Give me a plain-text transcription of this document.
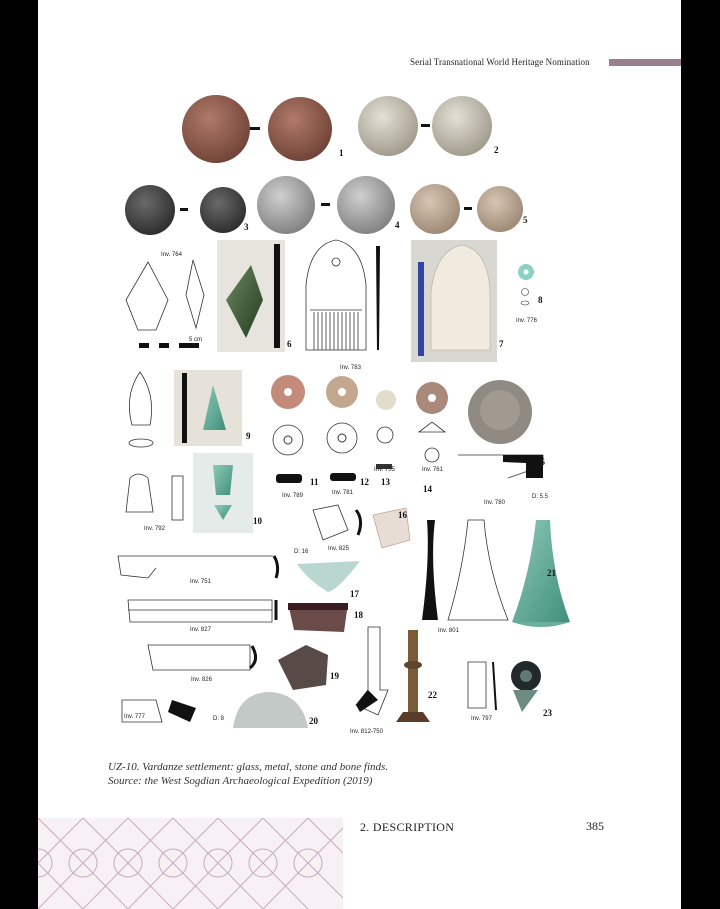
Serial Transnational World Heritage Nomination
1	2
3	4	5
6	7
8
9
10
11	12 13
14
15
16
17
18
19
20
21
22
23
Inv. 764
5 cm
Inv. 783
Inv. 776
Inv. 792
Inv. 789	Inv. 781
Inv. 755	Inv. 761
Inv. 780
D: 5.5
Inv. 825
D: 16
Inv. 751
Inv. 827	Inv. 801
Inv. 826
Inv. 777	D: 8
Inv. 812-750
Inv. 797
UZ-10. Vardanze settlement: glass, metal, stone and bone finds.
Source: the West Sogdian Archaeological Expedition (2019)
2. DESCRIPTION	385
